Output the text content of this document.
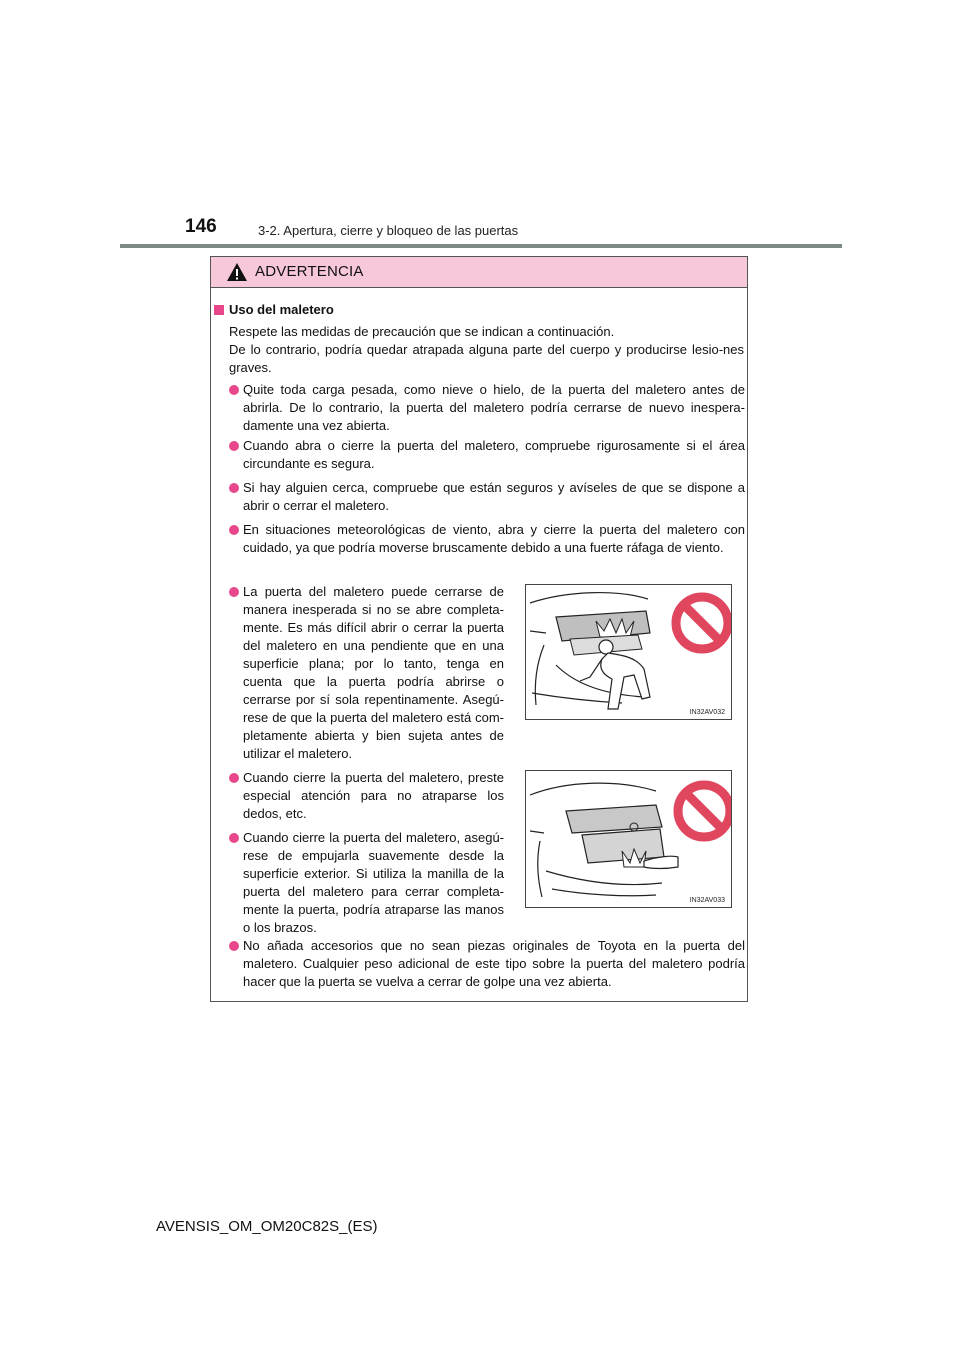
146	3-2. Apertura, cierre y bloqueo de las puertas
ADVERTENCIA
Uso del maletero
Respete las medidas de precaución que se indican a continuación.
De lo contrario, podría quedar atrapada alguna parte del cuerpo y producirse lesio-nes graves.
Quite toda carga pesada, como nieve o hielo, de la puerta del maletero antes de abrirla. De lo contrario, la puerta del maletero podría cerrarse de nuevo inespera-damente una vez abierta.
Cuando abra o cierre la puerta del maletero, compruebe rigurosamente si el área circundante es segura.
Si hay alguien cerca, compruebe que están seguros y avíseles de que se dispone a abrir o cerrar el maletero.
En situaciones meteorológicas de viento, abra y cierre la puerta del maletero con cuidado, ya que podría moverse bruscamente debido a una fuerte ráfaga de viento.
La puerta del maletero puede cerrarse de manera inesperada si no se abre completa-mente. Es más difícil abrir o cerrar la puerta del maletero en una pendiente que en una superficie plana; por lo tanto, tenga en cuenta que la puerta podría abrirse o cerrarse por sí sola repentinamente. Asegú-rese de que la puerta del maletero está com-pletamente abierta y bien sujeta antes de utilizar el maletero.
Cuando cierre la puerta del maletero, preste especial atención para no atraparse los dedos, etc.
Cuando cierre la puerta del maletero, asegú-rese de empujarla suavemente desde la superficie exterior. Si utiliza la manilla de la puerta del maletero para cerrar completa-mente la puerta, podría atraparse las manos o los brazos.
No añada accesorios que no sean piezas originales de Toyota en la puerta del maletero. Cualquier peso adicional de este tipo sobre la puerta del maletero podría hacer que la puerta se vuelva a cerrar de golpe una vez abierta.
IN32AV032
IN32AV033
AVENSIS_OM_OM20C82S_(ES)
